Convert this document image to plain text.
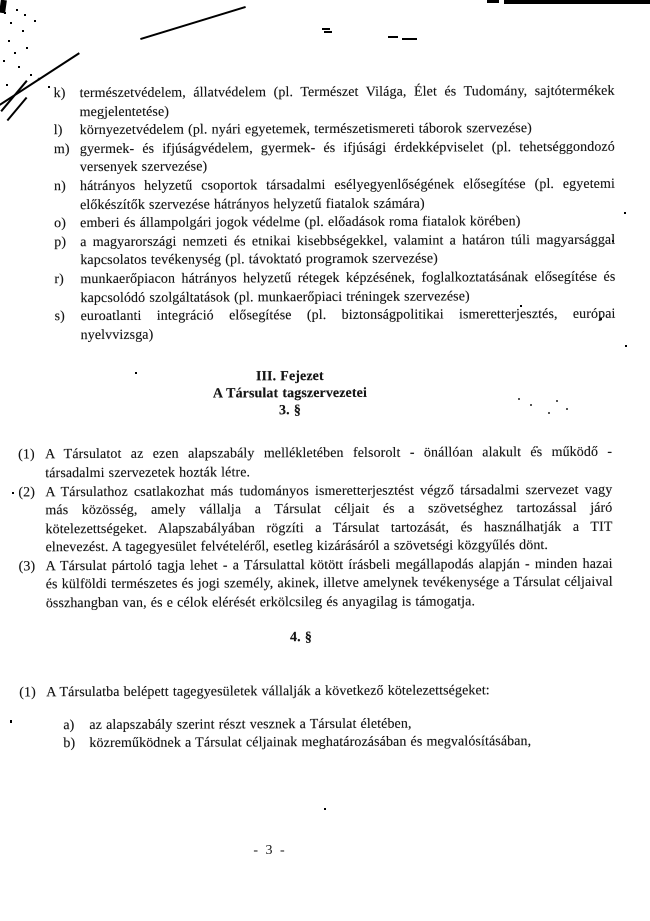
k)	természetvédelem, állatvédelem (pl. Természet Világa, Élet és Tudomány, sajtótermékek megjelentetése)
l)	környezetvédelem (pl. nyári egyetemek, természetismereti táborok szervezése)
m) gyermek- és ifjúságvédelem, gyermek- és ifjúsági érdekképviselet (pl. tehetséggondozó versenyek szervezése)
n)	hátrányos helyzetű csoportok társadalmi esélyegyenlőségének elősegítése (pl. egyetemi előkészítők szervezése hátrányos helyzetű fiatalok számára)
o)	emberi és állampolgári jogok védelme (pl. előadások roma fiatalok körében)
p)	a magyarországi nemzeti és etnikai kisebbségekkel, valamint a határon túli magyarsággal kapcsolatos tevékenység (pl. távoktató programok szervezése)
r)	munkaerőpiacon hátrányos helyzetű rétegek képzésének, foglalkoztatásának elősegítése és kapcsolódó szolgáltatások (pl. munkaerőpiaci tréningek szervezése)
s)	euroatlanti integráció elősegítése (pl. biztonságpolitikai ismeretterjesztés, európai nyelvvizsga)
III. Fejezet
A Társulat tagszervezetei
3. §
(1) A Társulatot az ezen alapszabály mellékletében felsorolt - önállóan alakult és működő - társadalmi szervezetek hozták létre.
(2) A Társulathoz csatlakozhat más tudományos ismeretterjesztést végző társadalmi szervezet vagy más közösség, amely vállalja a Társulat céljait és a szövetséghez tartozással járó kötelezettségeket. Alapszabályában rögzíti a Társulat tartozását, és használhatják a TIT elnevezést. A tagegyesület felvételéről, esetleg kizárásáról a szövetségi közgyűlés dönt.
(3) A Társulat pártoló tagja lehet - a Társulattal kötött írásbeli megállapodás alapján - minden hazai és külföldi természetes és jogi személy, akinek, illetve amelynek tevékenysége a Társulat céljaival összhangban van, és e célok elérését erkölcsileg és anyagilag is támogatja.
4. §
(1) A Társulatba belépett tagegyesületek vállalják a következő kötelezettségeket:
a)	az alapszabály szerint részt vesznek a Társulat életében,
b)	közreműködnek a Társulat céljainak meghatározásában és megvalósításában,
- 3 -
